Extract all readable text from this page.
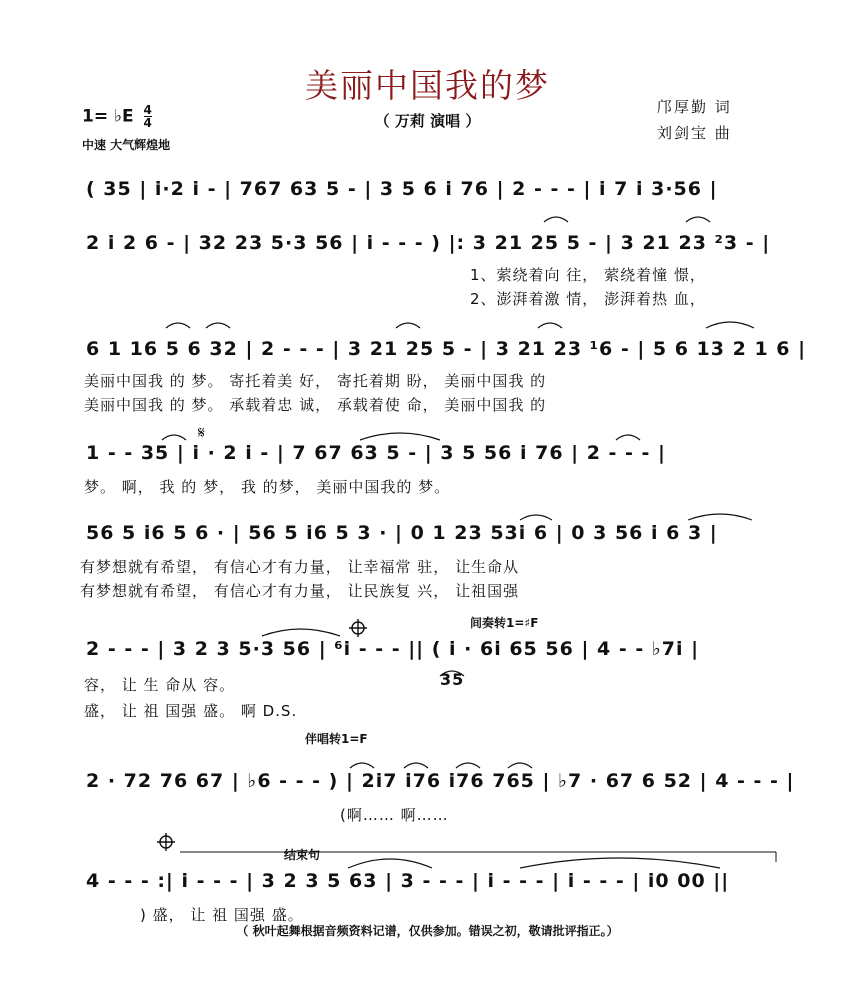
美丽中国我的梦
（ 万莉 演唱 ）
邝厚勤 词
刘剑宝 曲
1= ♭E $\frac{4}{4}$
中速 大气辉煌地
( 35 | i·2 i - | 767 63 5 - | 3 5 6 i 76 | 2 - - - | i 7 i 3·56 |
2 i 2 6 - | 32 23 5·3 56 | i - - - ) |: 3 21 25 5 - | 3 21 23 ²3 - |
1、萦绕着向 往， 萦绕着憧 憬，
2、澎湃着激 情， 澎湃着热 血，
6 1 16 5 6 32 | 2 - - - | 3 21 25 5 - | 3 21 23 ¹6 - | 5 6 13 2 1 6 |
美丽中国我 的 梦。 寄托着美 好， 寄托着期 盼， 美丽中国我 的
美丽中国我 的 梦。 承载着忠 诚， 承载着使 命， 美丽中国我 的
1 - - 35 | i · 2 i - | 7 67 63 5 - | 3 5 56 i 76 | 2 - - - |
梦。 啊， 我 的 梦， 我 的梦， 美丽中国我的 梦。
56 5 i6 5 6 · | 56 5 i6 5 3 · | 0 1 23 53i 6 | 0 3 56 i 6 3 |
有梦想就有希望， 有信心才有力量， 让幸福常 驻， 让生命从
有梦想就有希望， 有信心才有力量， 让民族复 兴， 让祖国强
间奏转1=♯F
2 - - - | 3 2 3 5·3 56 | ⁶i - - - || ( i · 6i 65 56 | 4 - - ♭7i |
容， 让 生 命从 容。	35
盛， 让 祖 国强 盛。 啊 D.S.
伴唱转1=F
2 · 72 76 67 | ♭6 - - - ) | 2i7 i76 i76 765 | ♭7 · 67 6 52 | 4 - - - |
(啊…… 啊……
结束句
4 - - - :| i - - - | 3 2 3 5 63 | 3 - - - | i - - - | i - - - | i0 00 ||
) 盛， 让 祖 国强 盛。
（ 秋叶起舞根据音频资料记谱，仅供参加。错误之初，敬请批评指正。）
𝄋
